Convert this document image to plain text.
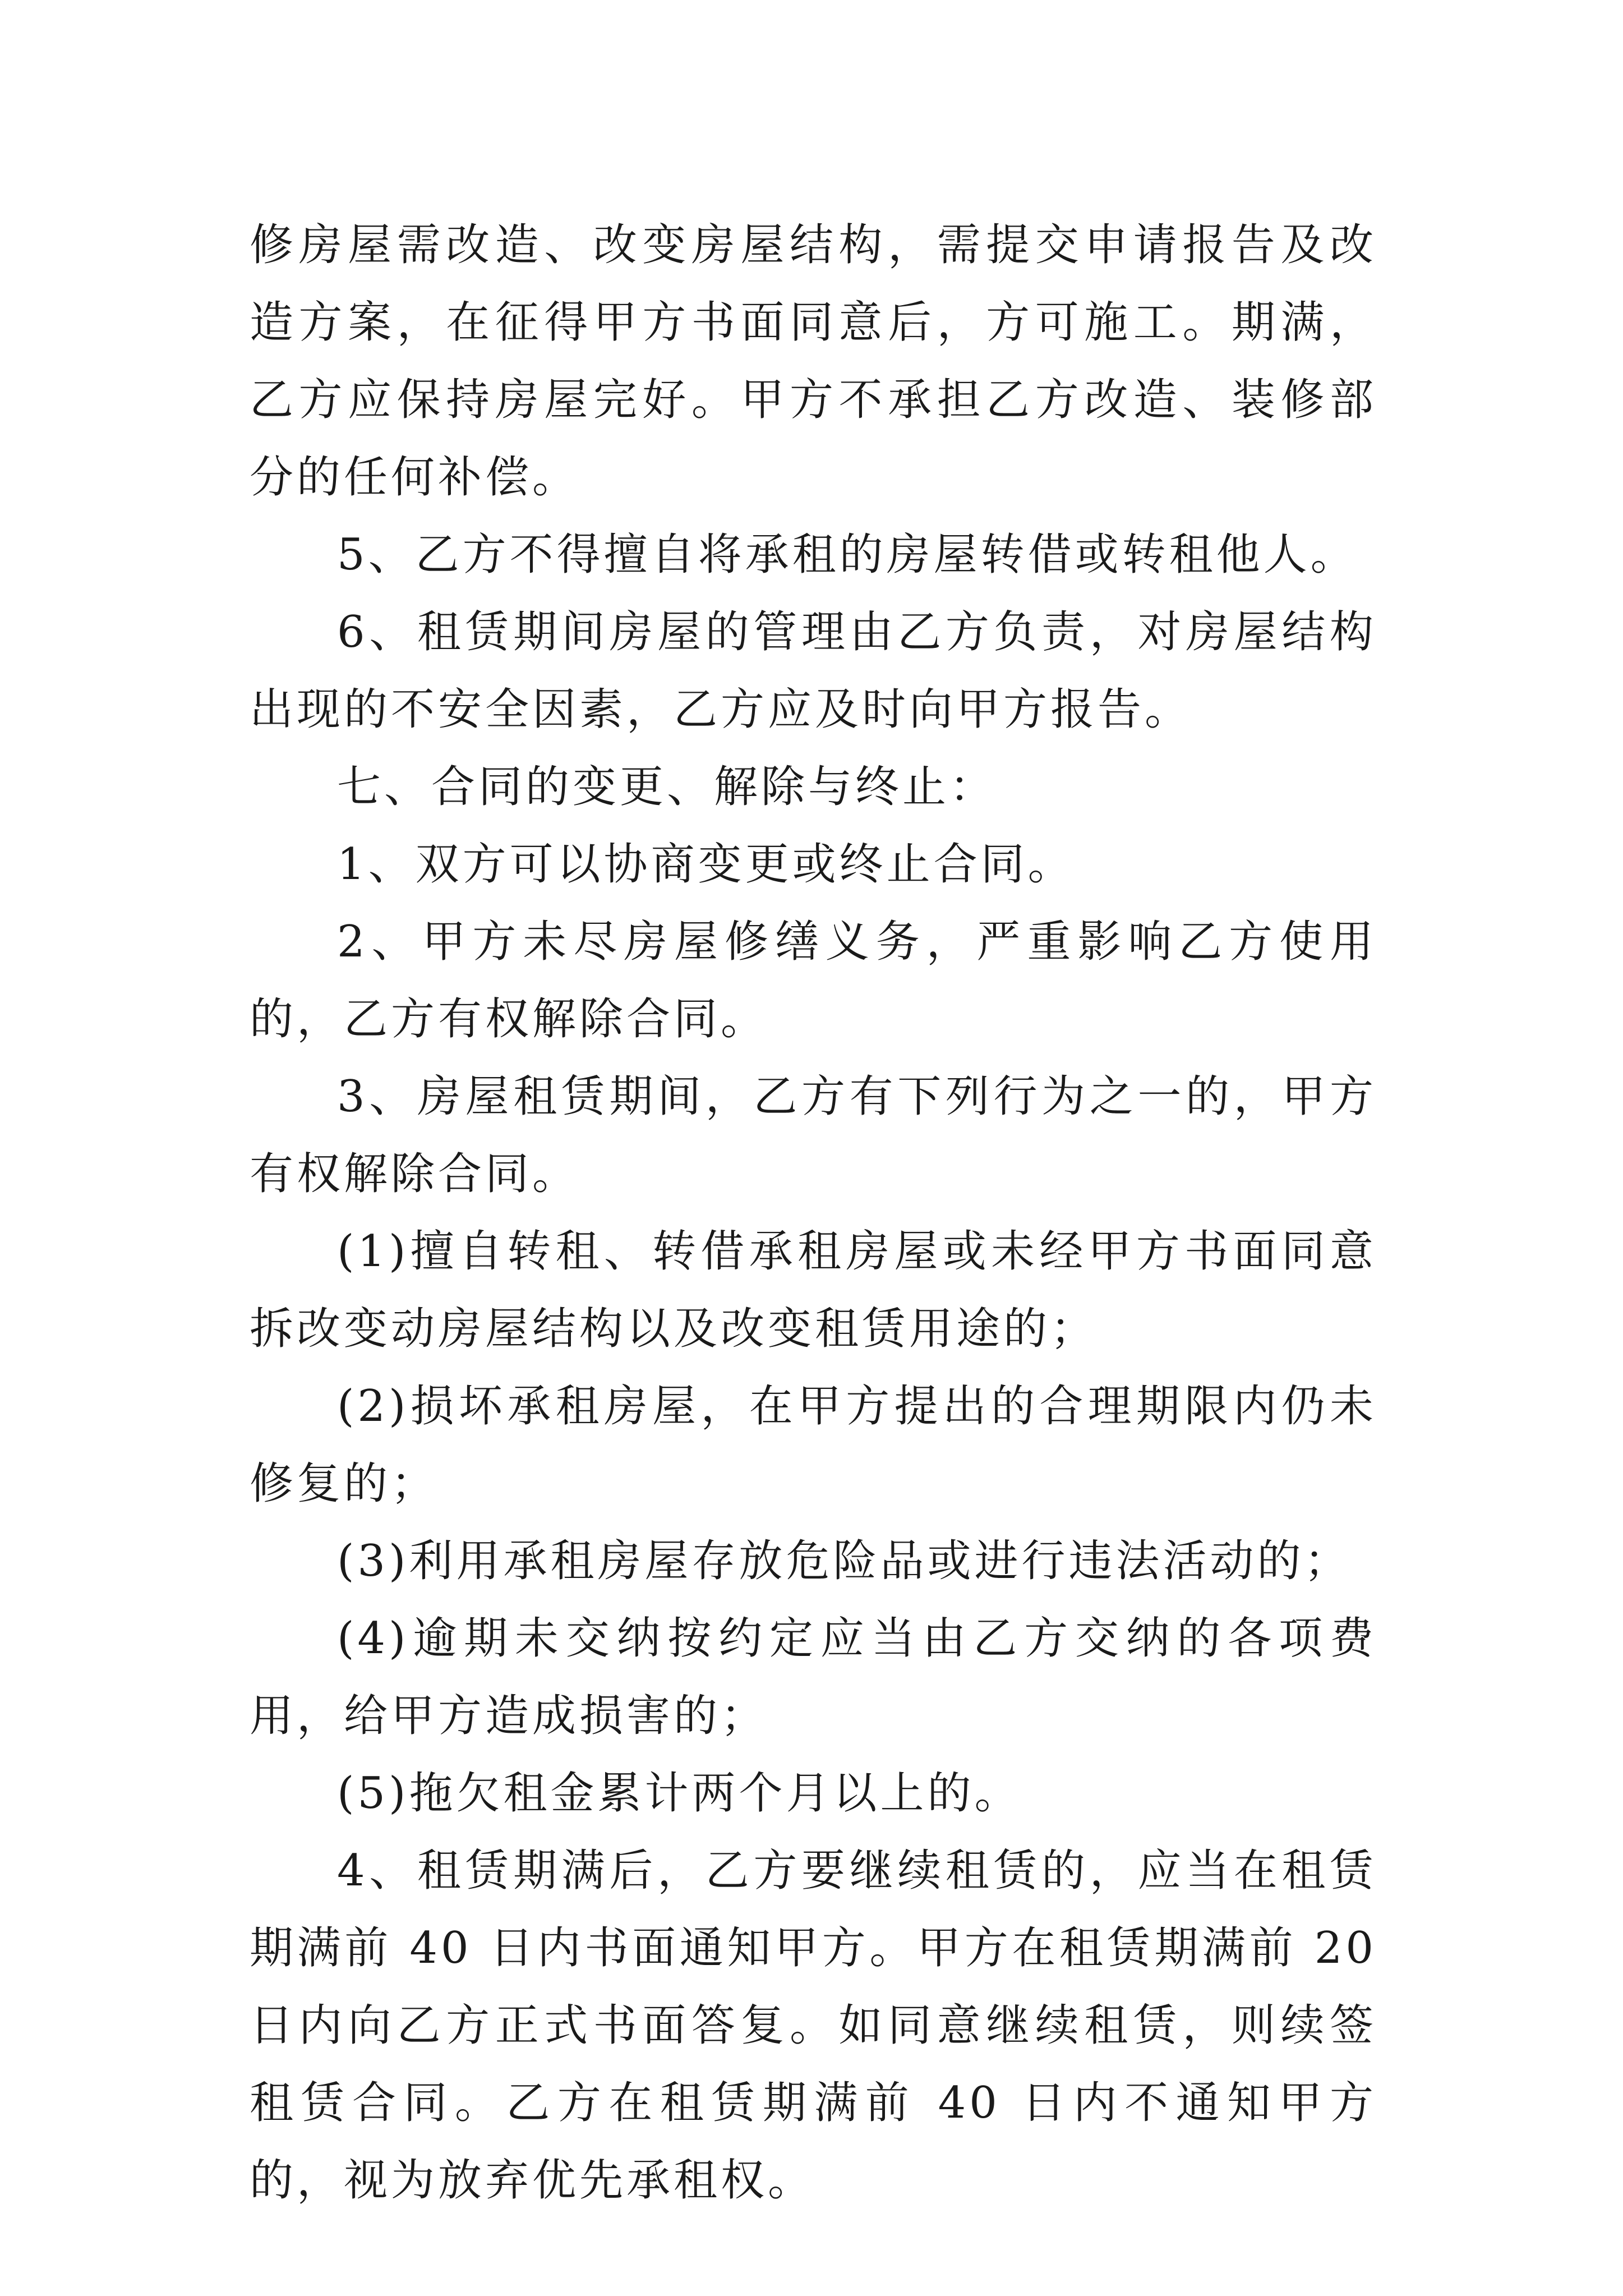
修房屋需改造、改变房屋结构，需提交申请报告及改造方案，在征得甲方书面同意后，方可施工。期满，乙方应保持房屋完好。甲方不承担乙方改造、装修部分的任何补偿。

5、乙方不得擅自将承租的房屋转借或转租他人。

6、租赁期间房屋的管理由乙方负责，对房屋结构出现的不安全因素，乙方应及时向甲方报告。

七、合同的变更、解除与终止：

1、双方可以协商变更或终止合同。

2、甲方未尽房屋修缮义务，严重影响乙方使用的，乙方有权解除合同。

3、房屋租赁期间，乙方有下列行为之一的，甲方有权解除合同。

(1)擅自转租、转借承租房屋或未经甲方书面同意拆改变动房屋结构以及改变租赁用途的；

(2)损坏承租房屋，在甲方提出的合理期限内仍未修复的；

(3)利用承租房屋存放危险品或进行违法活动的；

(4)逾期未交纳按约定应当由乙方交纳的各项费用，给甲方造成损害的；

(5)拖欠租金累计两个月以上的。

4、租赁期满后，乙方要继续租赁的，应当在租赁期满前 40 日内书面通知甲方。甲方在租赁期满前 20 日内向乙方正式书面答复。如同意继续租赁，则续签租赁合同。乙方在租赁期满前 40 日内不通知甲方的，视为放弃优先承租权。
